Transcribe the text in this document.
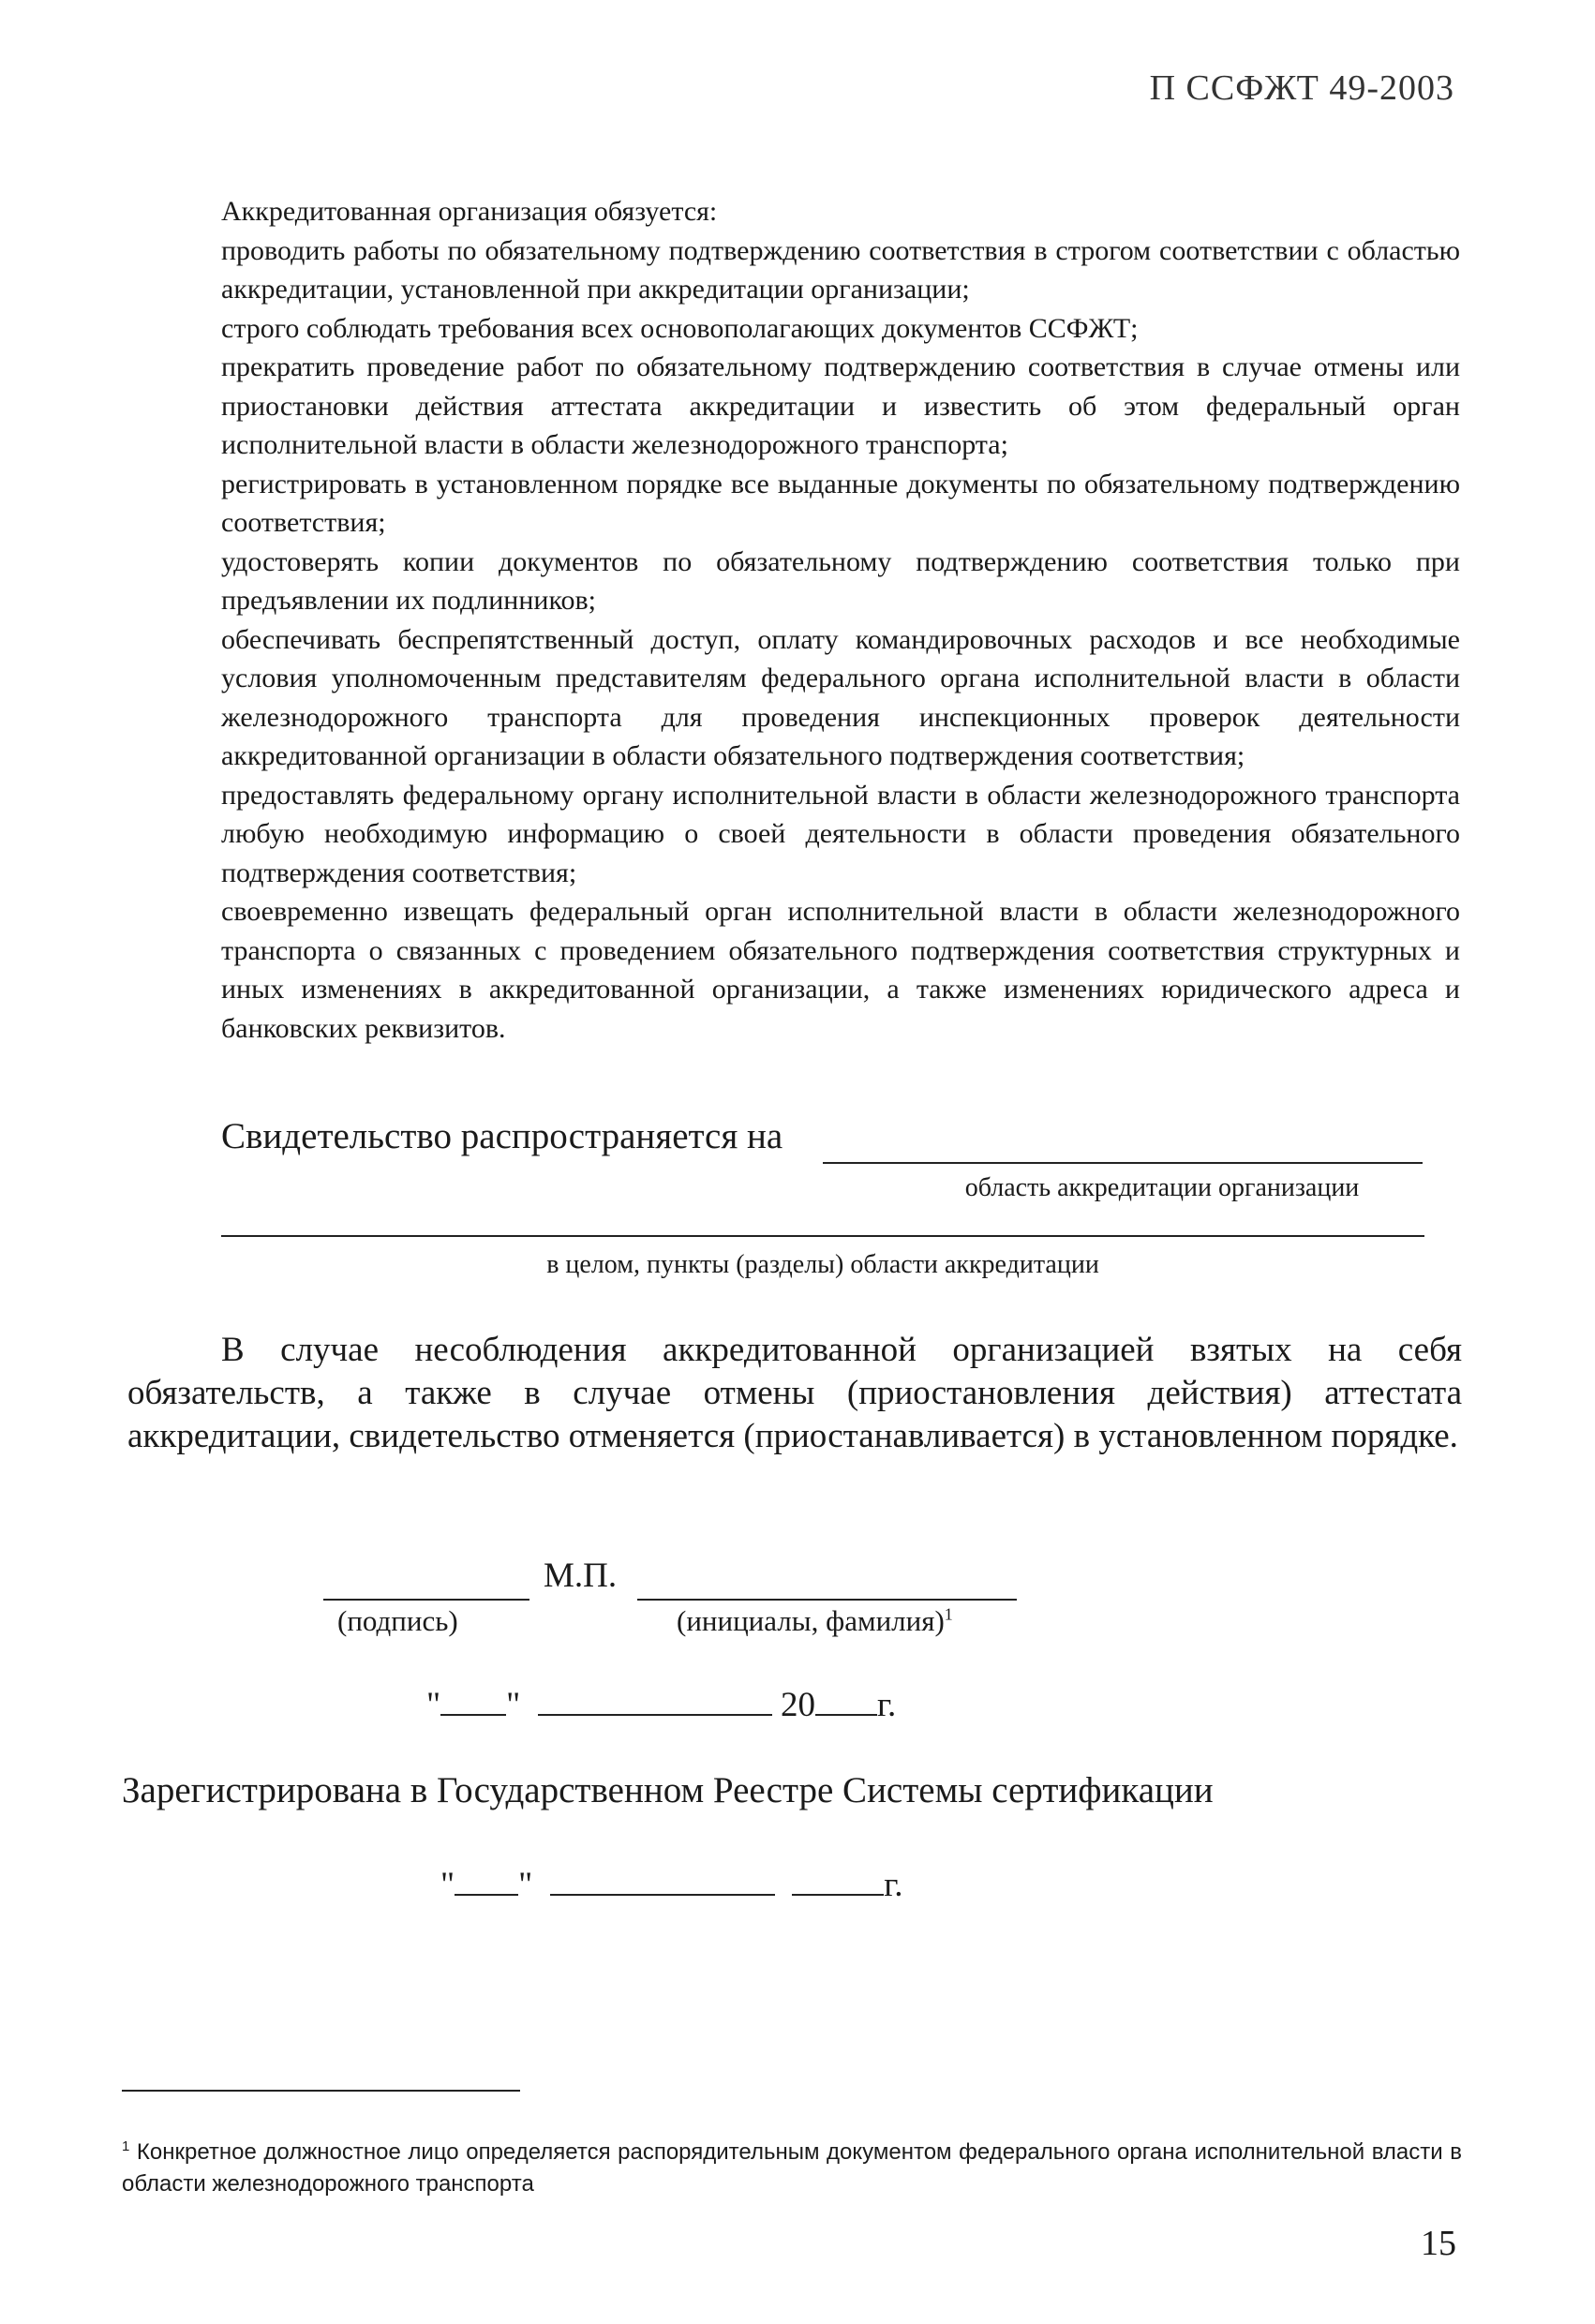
П ССФЖТ 49-2003

Аккредитованная организация обязуется:

проводить работы по обязательному подтверждению соответствия в строгом соответствии с областью аккредитации, установленной при аккредитации организации;

строго соблюдать требования всех основополагающих документов ССФЖТ;

прекратить проведение работ по обязательному подтверждению соответствия в случае отмены или приостановки действия аттестата аккредитации и известить об этом федеральный орган исполнительной власти в области железнодорожного транспорта;

регистрировать в установленном порядке все выданные документы по обязательному подтверждению соответствия;

удостоверять копии документов по обязательному подтверждению соответствия только при предъявлении их подлинников;

обеспечивать беспрепятственный доступ, оплату командировочных расходов и все необходимые условия уполномоченным представителям федерального органа исполнительной власти в области железнодорожного транспорта для проведения инспекционных проверок деятельности аккредитованной организации в области обязательного подтверждения соответствия;

предоставлять федеральному органу исполнительной власти в области железнодорожного транспорта любую необходимую информацию о своей деятельности в области проведения обязательного подтверждения соответствия;

своевременно извещать федеральный орган исполнительной власти в области железнодорожного транспорта о связанных с проведением обязательного подтверждения соответствия структурных и иных изменениях в аккредитованной организации, а также изменениях юридического адреса и банковских реквизитов.

Свидетельство распространяется на
область аккредитации организации
в целом, пункты (разделы) области аккредитации

В случае несоблюдения аккредитованной организацией взятых на себя обязательств, а также в случае отмены (приостановления действия) аттестата аккредитации, свидетельство отменяется (приостанавливается) в установленном порядке.

М.П.
(подпись)	(инициалы, фамилия)$^1$
" "	20 г.
Зарегистрирована в Государственном Реестре Системы сертификации
" "	г.

$^1$ Конкретное должностное лицо определяется распорядительным документом федерального органа исполнительной власти в области железнодорожного транспорта

15
